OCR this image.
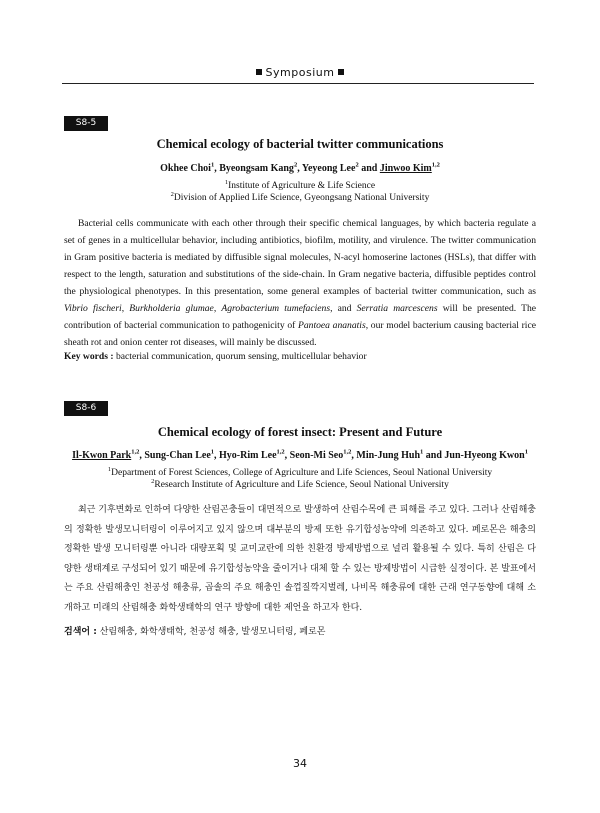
Symposium
S8-5
Chemical ecology of bacterial twitter communications
Okhee Choi$^1$, Byeongsam Kang$^2$, Yeyeong Lee$^2$ and Jinwoo Kim$^{1,2}$
$^1$Institute of Agriculture & Life Science
$^2$Division of Applied Life Science, Gyeongsang National University

Bacterial cells communicate with each other through their specific chemical languages, by which bacteria regulate a set of genes in a multicellular behavior, including antibiotics, biofilm, motility, and virulence. The twitter communication in Gram positive bacteria is mediated by diffusible signal molecules, N-acyl homoserine lactones (HSLs), that differ with respect to the length, saturation and substitutions of the side-chain. In Gram negative bacteria, diffusible peptides control the physiological phenotypes. In this presentation, some general examples of bacterial twitter communication, such as Vibrio fischeri, Burkholderia glumae, Agrobacterium tumefaciens, and Serratia marcescens will be presented. The contribution of bacterial communication to pathogenicity of Pantoea ananatis, our model bacterium causing bacterial rice sheath rot and onion center rot diseases, will mainly be discussed.

Key words : bacterial communication, quorum sensing, multicellular behavior

S8-6
Chemical ecology of forest insect: Present and Future
Il-Kwon Park$^{1,2}$, Sung-Chan Lee$^1$, Hyo-Rim Lee$^{1,2}$, Seon-Mi Seo$^{1,2}$, Min-Jung Huh$^1$ and Jun-Hyeong Kwon$^1$
$^1$Department of Forest Sciences, College of Agriculture and Life Sciences, Seoul National University
$^2$Research Institute of Agriculture and Life Science, Seoul National University

최근 기후변화로 인하여 다양한 산림곤충들이 대면적으로 발생하여 산림수목에 큰 피해를 주고 있다. 그러나 산림해충의 정확한 발생모니터링이 이루어지고 있지 않으며 대부분의 방제 또한 유기합성농약에 의존하고 있다. 페로몬은 해충의 정확한 발생 모니터링뿐 아니라 대량포획 및 교미교란에 의한 친환경 방제방법으로 널리 활용될 수 있다. 특히 산림은 다양한 생태계로 구성되어 있기 때문에 유기합성농약을 줄이거나 대체 할 수 있는 방제방법이 시급한 실정이다. 본 발표에서는 주요 산림해충인 천공성 해충류, 곱솔의 주요 해충인 솔껍질깍지벌레, 나비목 해충류에 대한 근래 연구동향에 대해 소개하고 미래의 산림해충 화학생태학의 연구 방향에 대한 제언을 하고자 한다.

검색어 : 산림해충, 화학생태학, 천공성 해충, 발생모니터링, 페로몬

34
